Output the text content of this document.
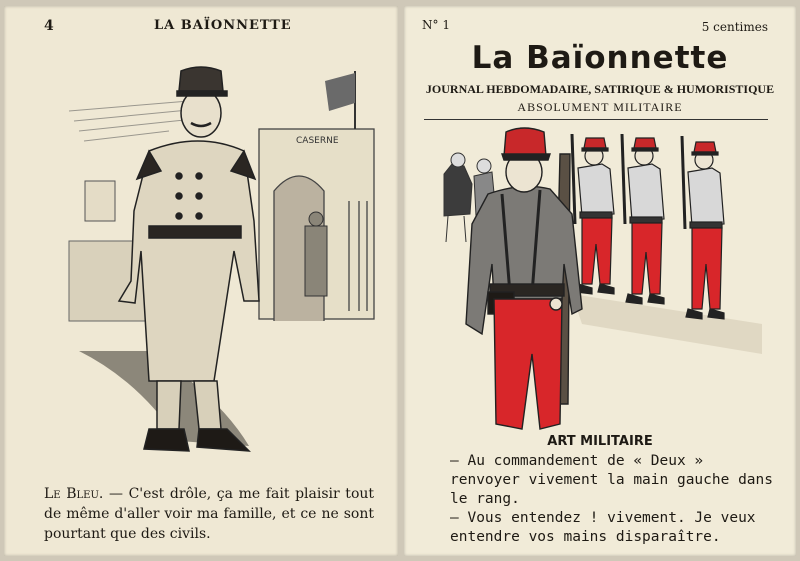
4	LA BAÏONNETTE
CASERNE
Le Bleu. — C'est drôle, ça me fait plaisir tout de même d'aller voir ma famille, et ce ne sont pourtant que des civils.
N° 1	5 centimes
La Baïonnette
JOURNAL HEBDOMADAIRE, SATIRIQUE & HUMORISTIQUE
ABSOLUMENT MILITAIRE
ART MILITAIRE

— Au commandement de « Deux » renvoyer vivement la main gauche dans le rang.

— Vous entendez ! vivement. Je veux entendre vos mains disparaître.
